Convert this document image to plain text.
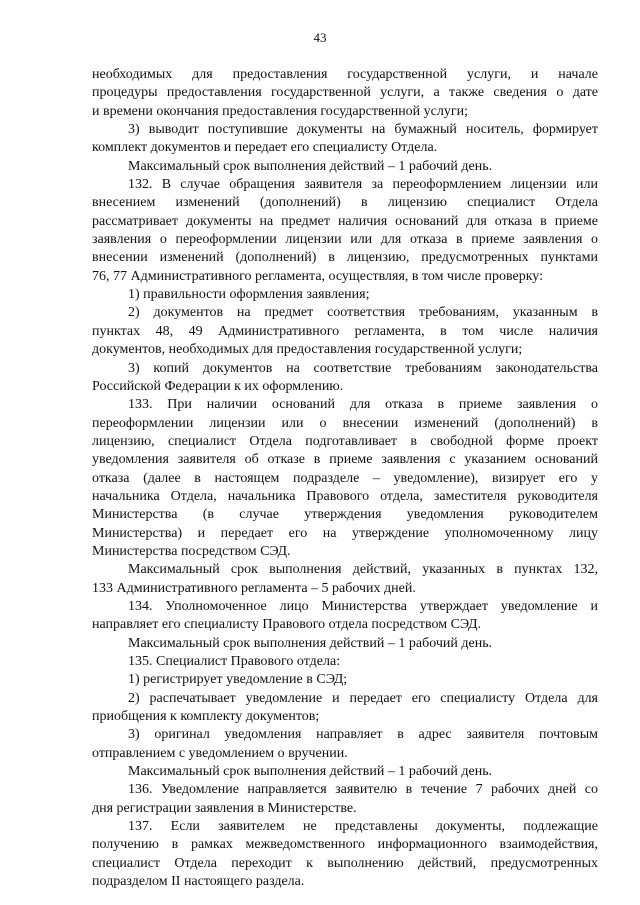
43
необходимых для предоставления государственной услуги, и начале
процедуры предоставления государственной услуги, а также сведения о дате
и времени окончания предоставления государственной услуги;
3) выводит поступившие документы на бумажный носитель, формирует
комплект документов и передает его специалисту Отдела.
Максимальный срок выполнения действий – 1 рабочий день.
132. В случае обращения заявителя за переоформлением лицензии или
внесением изменений (дополнений) в лицензию специалист Отдела
рассматривает документы на предмет наличия оснований для отказа в приеме
заявления о переоформлении лицензии или для отказа в приеме заявления о
внесении изменений (дополнений) в лицензию, предусмотренных пунктами
76, 77 Административного регламента, осуществляя, в том числе проверку:
1) правильности оформления заявления;
2) документов на предмет соответствия требованиям, указанным в
пунктах 48, 49 Административного регламента, в том числе наличия
документов, необходимых для предоставления государственной услуги;
3) копий документов на соответствие требованиям законодательства
Российской Федерации к их оформлению.
133. При наличии оснований для отказа в приеме заявления о
переоформлении лицензии или о внесении изменений (дополнений) в
лицензию, специалист Отдела подготавливает в свободной форме проект
уведомления заявителя об отказе в приеме заявления с указанием оснований
отказа (далее в настоящем подразделе – уведомление), визирует его у
начальника Отдела, начальника Правового отдела, заместителя руководителя
Министерства (в случае утверждения уведомления руководителем
Министерства) и передает его на утверждение уполномоченному лицу
Министерства посредством СЭД.
Максимальный срок выполнения действий, указанных в пунктах 132,
133 Административного регламента – 5 рабочих дней.
134. Уполномоченное лицо Министерства утверждает уведомление и
направляет его специалисту Правового отдела посредством СЭД.
Максимальный срок выполнения действий – 1 рабочий день.
135. Специалист Правового отдела:
1) регистрирует уведомление в СЭД;
2) распечатывает уведомление и передает его специалисту Отдела для
приобщения к комплекту документов;
3) оригинал уведомления направляет в адрес заявителя почтовым
отправлением с уведомлением о вручении.
Максимальный срок выполнения действий – 1 рабочий день.
136. Уведомление направляется заявителю в течение 7 рабочих дней со
дня регистрации заявления в Министерстве.
137. Если заявителем не представлены документы, подлежащие
получению в рамках межведомственного информационного взаимодействия,
специалист Отдела переходит к выполнению действий, предусмотренных
подразделом II настоящего раздела.
